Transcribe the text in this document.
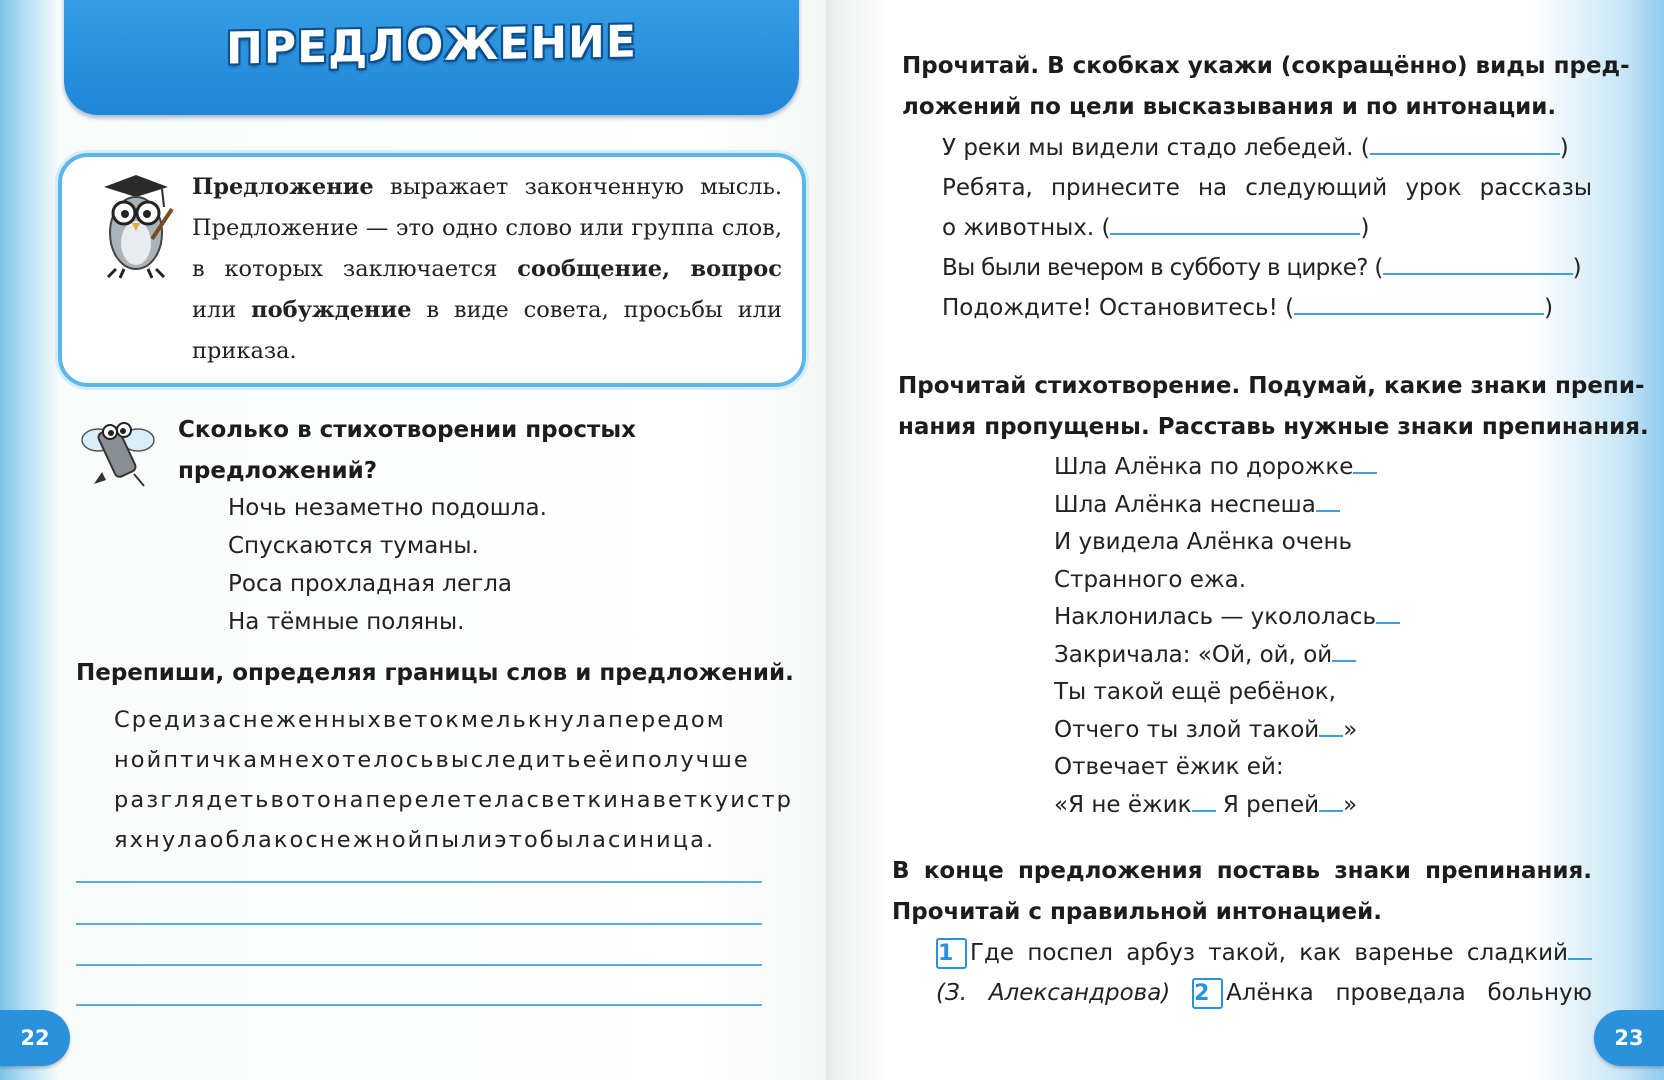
ПРЕДЛОЖЕНИЕ
Предложение выражает законченную мысль. Предложение — это одно слово или группа слов, в которых заключается сообщение, вопрос или побуждение в виде совета, просьбы или приказа.
Сколько в стихотворении простых
предложений?
Ночь незаметно подошла.
Спускаются туманы.
Роса прохладная легла
На тёмные поляны.
Перепиши, определяя границы слов и предложений.
Средизаснеженныхветокмелькнулапередом
нойптичкамнехотелосьвыследитьеёиполучше
разглядетьвотонаперелетеласветкинаветкуистр
яхнулаоблакоснежнойпылиэтобыласиница.
22
Прочитай. В скобках укажи (сокращённо) виды пред-
ложений по цели высказывания и по интонации.
У реки мы видели стадо лебедей. (	)
Ребята, принесите на следующий урок рассказы
о животных. (	)
Вы были вечером в субботу в цирке? (	)
Подождите! Остановитесь! (	)
Прочитай стихотворение. Подумай, какие знаки препи-
нания пропущены. Расставь нужные знаки препинания.
Шла Алёнка по дорожке
Шла Алёнка неспеша
И увидела Алёнка очень
Странного ежа.
Наклонилась — укололась
Закричала: «Ой, ой, ой
Ты такой ещё ребёнок,
Отчего ты злой такой »
Отвечает ёжик ей:
«Я не ёжик Я репей »
В конце предложения поставь знаки препинания.
Прочитай с правильной интонацией.
1 Где поспел арбуз такой, как варенье сладкий
(З. Александрова) 2 Алёнка проведала больную
23
